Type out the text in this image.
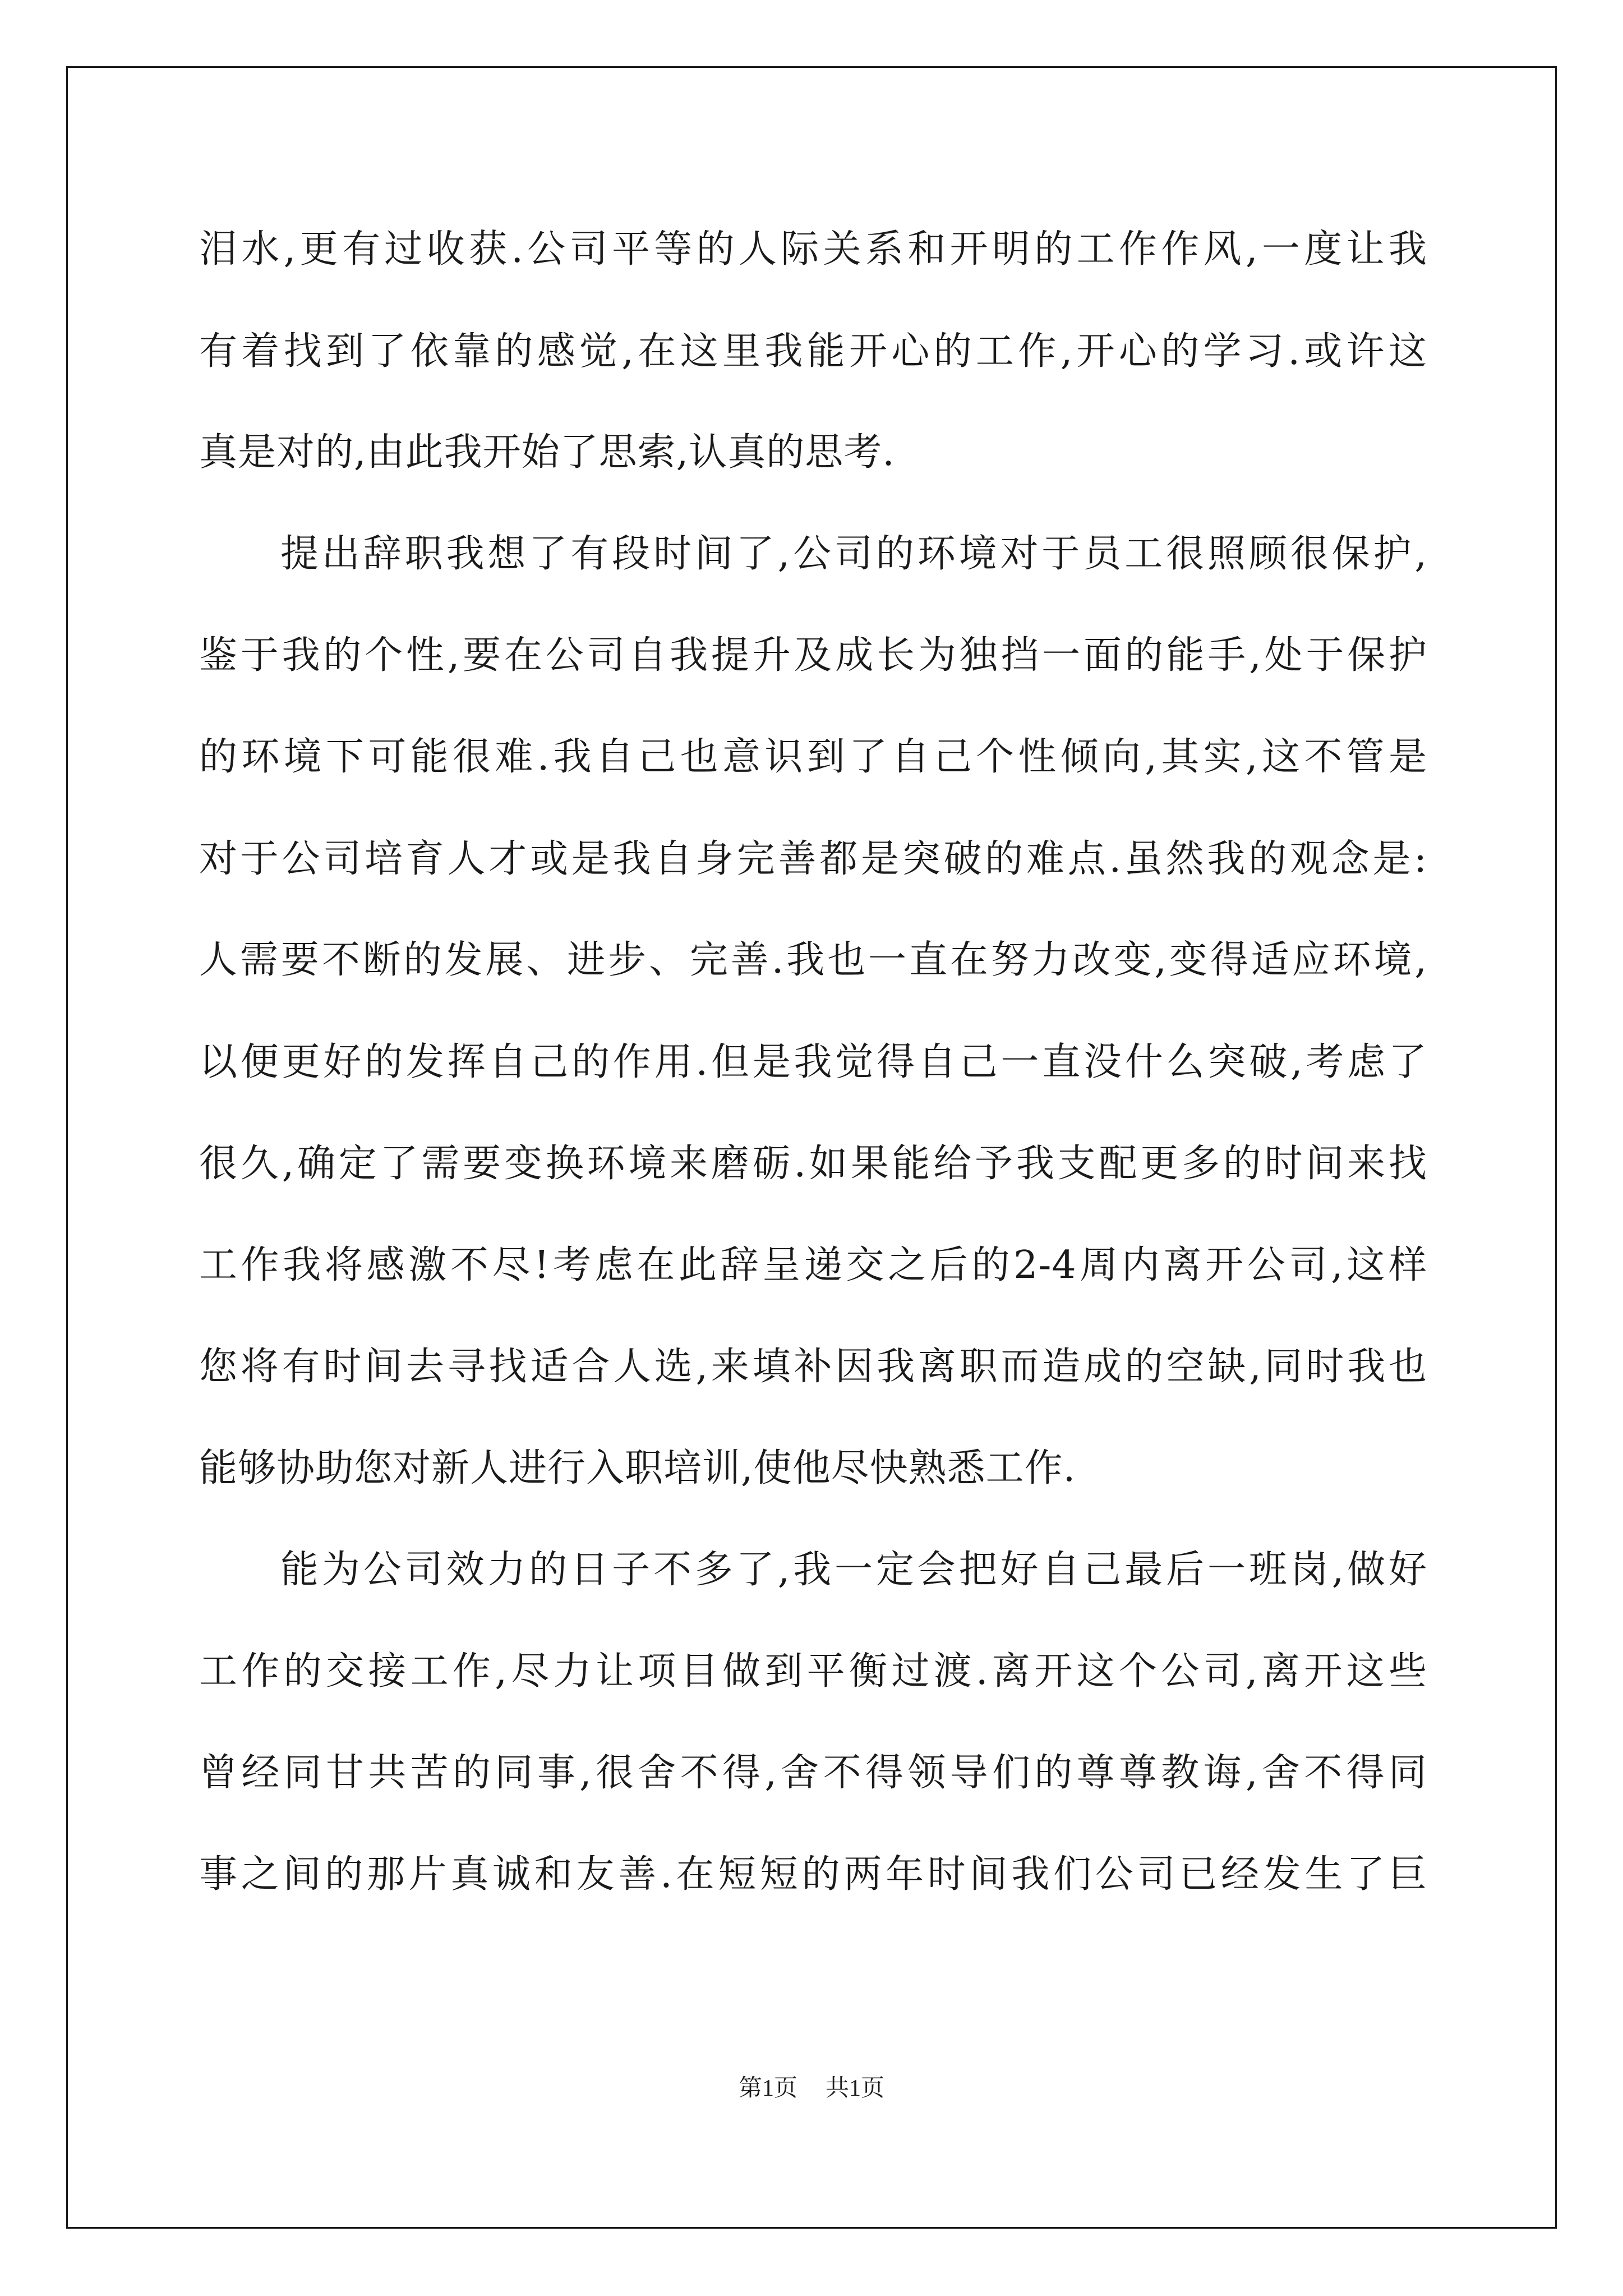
泪水,更有过收获.公司平等的人际关系和开明的工作作风,一度让我
有着找到了依靠的感觉,在这里我能开心的工作,开心的学习.或许这
真是对的,由此我开始了思索,认真的思考.
提出辞职我想了有段时间了,公司的环境对于员工很照顾很保护,
鉴于我的个性,要在公司自我提升及成长为独挡一面的能手,处于保护
的环境下可能很难.我自己也意识到了自己个性倾向,其实,这不管是
对于公司培育人才或是我自身完善都是突破的难点.虽然我的观念是:
人需要不断的发展、进步、完善.我也一直在努力改变,变得适应环境,
以便更好的发挥自己的作用.但是我觉得自己一直没什么突破,考虑了
很久,确定了需要变换环境来磨砺.如果能给予我支配更多的时间来找
工作我将感激不尽!考虑在此辞呈递交之后的2-4周内离开公司,这样
您将有时间去寻找适合人选,来填补因我离职而造成的空缺,同时我也
能够协助您对新人进行入职培训,使他尽快熟悉工作.
能为公司效力的日子不多了,我一定会把好自己最后一班岗,做好
工作的交接工作,尽力让项目做到平衡过渡.离开这个公司,离开这些
曾经同甘共苦的同事,很舍不得,舍不得领导们的尊尊教诲,舍不得同
事之间的那片真诚和友善.在短短的两年时间我们公司已经发生了巨
第1页 共1页
